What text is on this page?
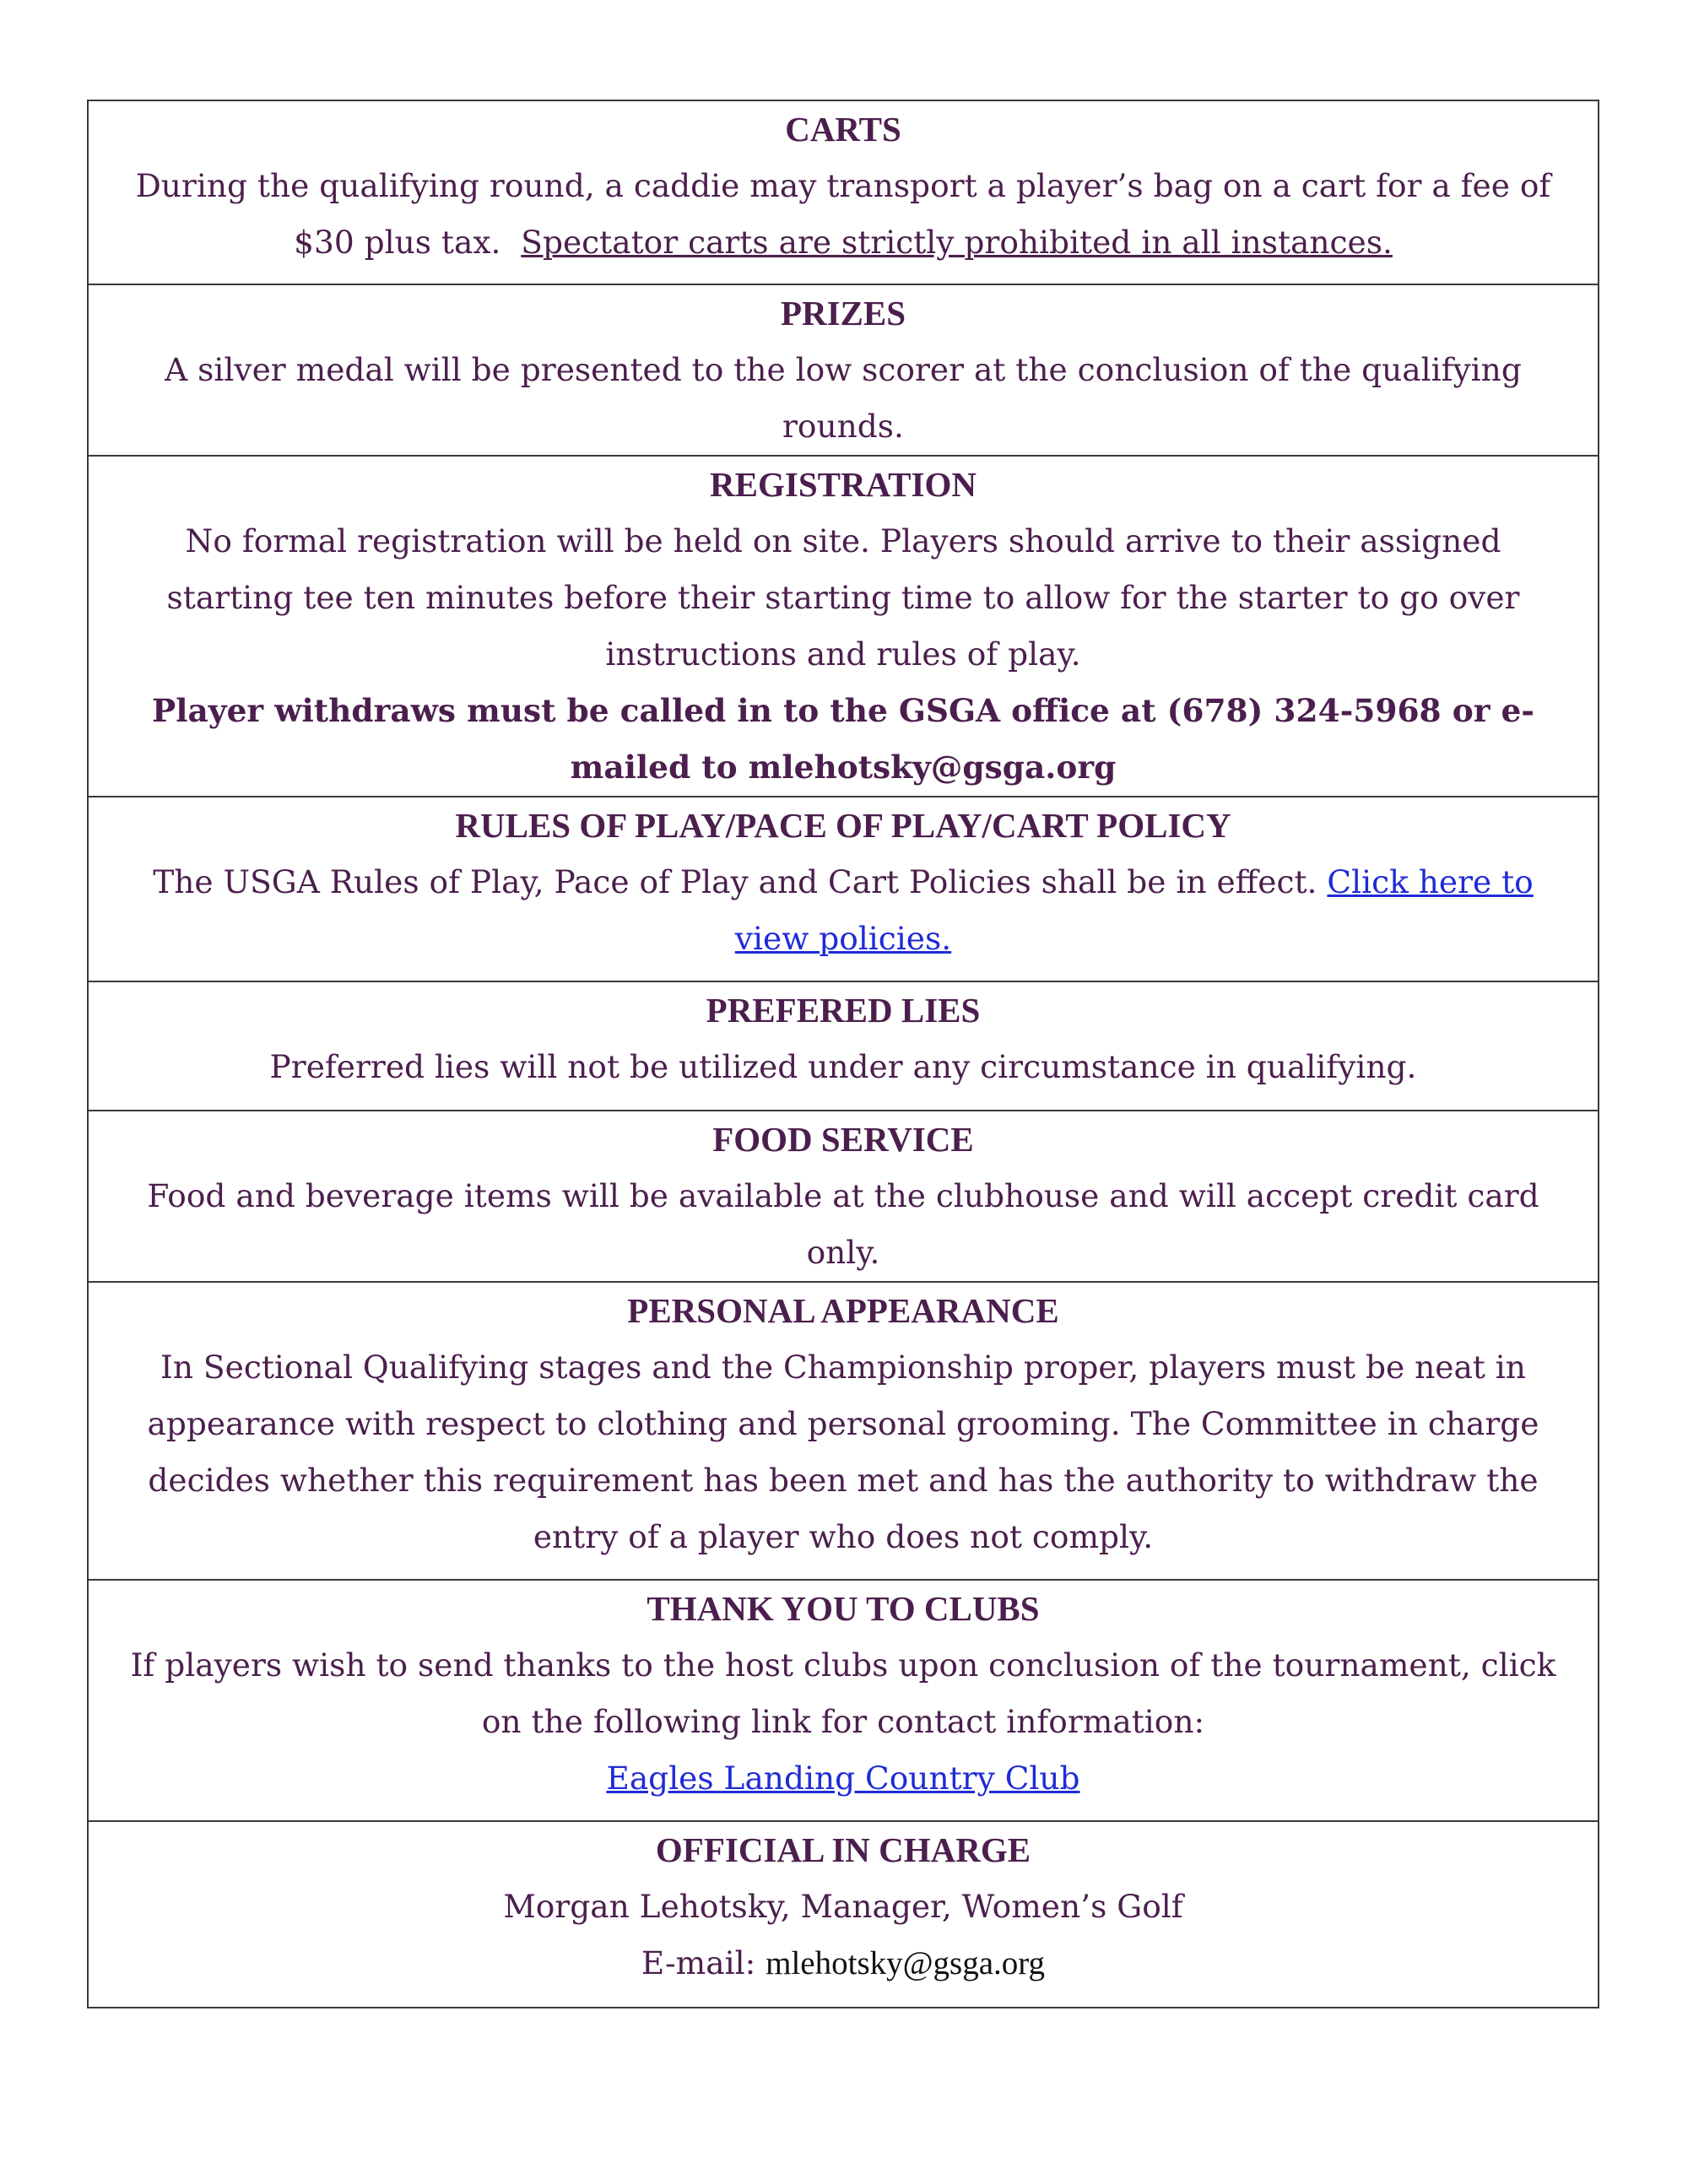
CARTS
During the qualifying round, a caddie may transport a player’s bag on a cart for a fee of $30 plus tax. Spectator carts are strictly prohibited in all instances.

PRIZES
A silver medal will be presented to the low scorer at the conclusion of the qualifying rounds.

REGISTRATION
No formal registration will be held on site. Players should arrive to their assigned starting tee ten minutes before their starting time to allow for the starter to go over instructions and rules of play.
Player withdraws must be called in to the GSGA office at (678) 324-5968 or e-mailed to mlehotsky@gsga.org

RULES OF PLAY/PACE OF PLAY/CART POLICY
The USGA Rules of Play, Pace of Play and Cart Policies shall be in effect. Click here to view policies.

PREFERED LIES
Preferred lies will not be utilized under any circumstance in qualifying.

FOOD SERVICE
Food and beverage items will be available at the clubhouse and will accept credit card only.

PERSONAL APPEARANCE
In Sectional Qualifying stages and the Championship proper, players must be neat in appearance with respect to clothing and personal grooming. The Committee in charge decides whether this requirement has been met and has the authority to withdraw the entry of a player who does not comply.

THANK YOU TO CLUBS
If players wish to send thanks to the host clubs upon conclusion of the tournament, click on the following link for contact information:
Eagles Landing Country Club

OFFICIAL IN CHARGE
Morgan Lehotsky, Manager, Women’s Golf
E-mail: mlehotsky@gsga.org
